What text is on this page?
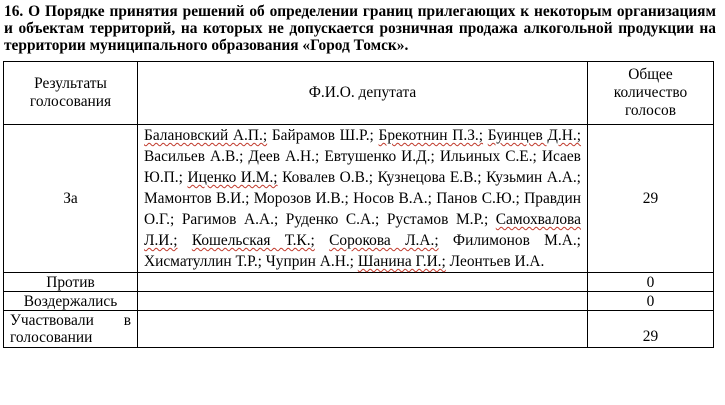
16. О Порядке принятия решений об определении границ прилегающих к некоторым организациям и объектам территорий, на которых не допускается розничная продажа алкогольной продукции на территории муниципального образования «Город Томск».
Результаты голосования	Ф.И.О. депутата	Общее количество голосов
За	Балановский А.П.; Байрамов Ш.Р.; Брекотнин П.З.; Буинцев Д.Н.; Васильев А.В.; Деев А.Н.; Евтушенко И.Д.; Ильиных С.Е.; Исаев Ю.П.; Иценко И.М.; Ковалев О.В.; Кузнецова Е.В.; Кузьмин А.А.; Мамонтов В.И.; Морозов И.В.; Носов В.А.; Панов С.Ю.; Правдин О.Г.; Рагимов А.А.; Руденко С.А.; Рустамов М.Р.; Самохвалова Л.И.; Кошельская Т.К.; Сорокова Л.А.; Филимонов М.А.; Хисматуллин Т.Р.; Чуприн А.Н.; Шанина Г.И.; Леонтьев И.А.	29
Против		0
Воздержались		0
Участвовали в голосовании		29
